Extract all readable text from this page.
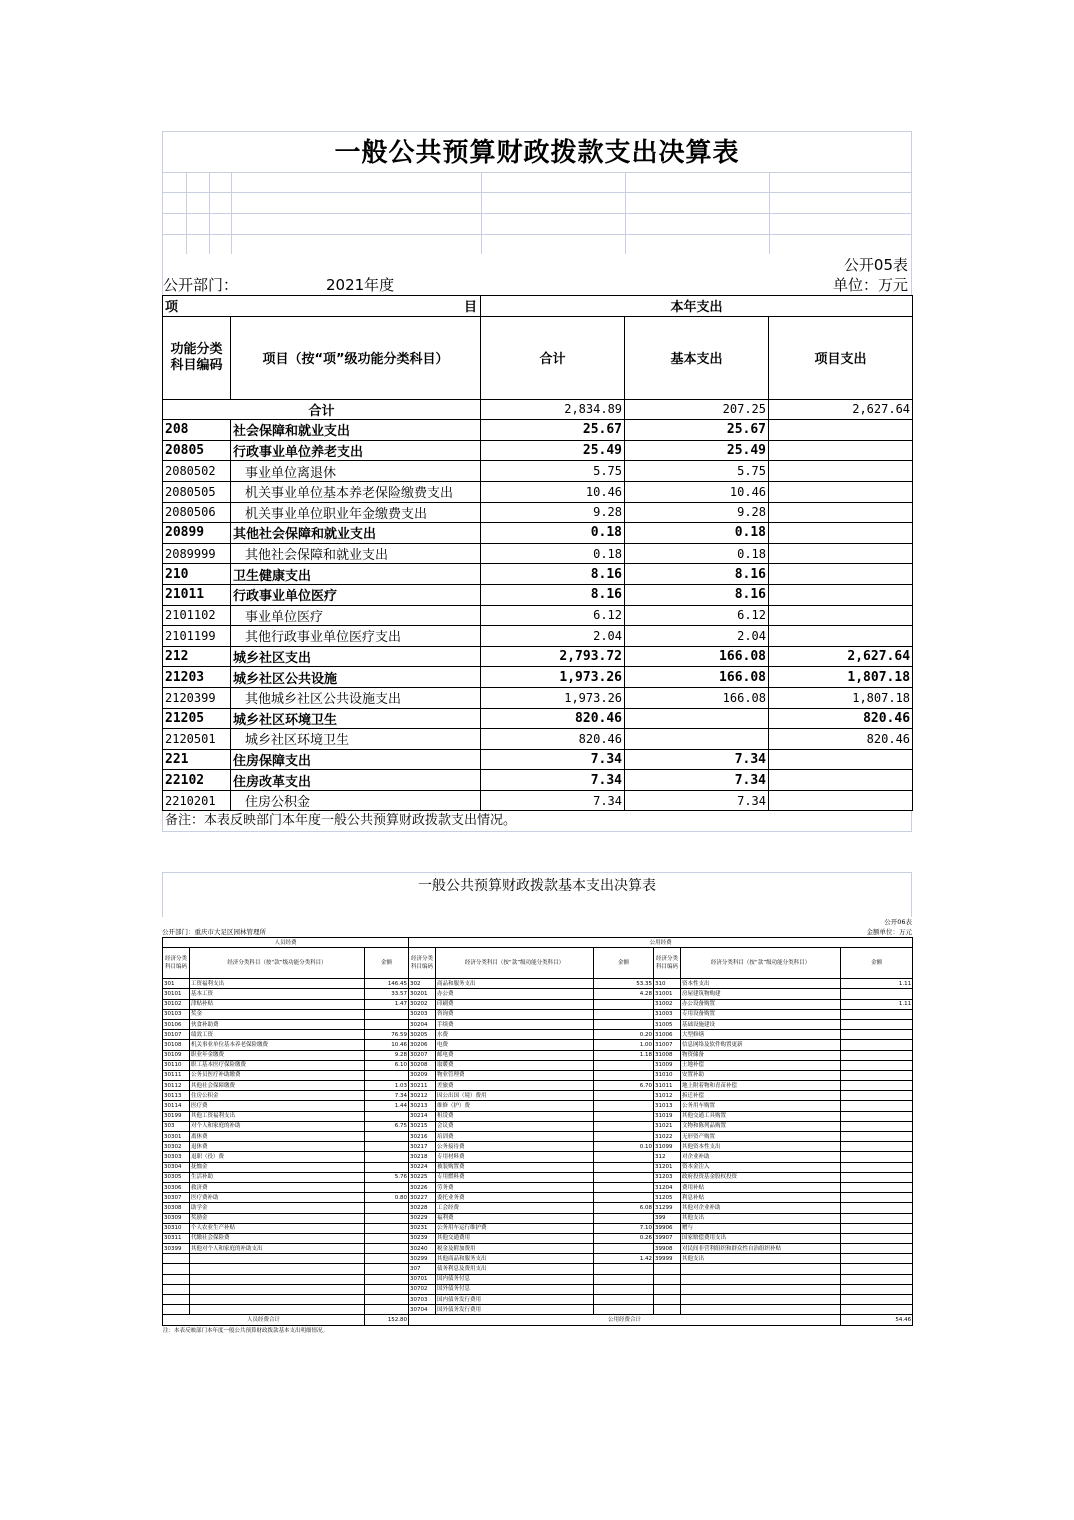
一般公共预算财政拨款支出决算表
公开05表
公开部门：	2021年度	单位：万元
项 目		本年支出		
功能分类科目编码	项目（按“项”级功能分类科目）	合计	基本支出	项目支出
合计		2,834.89	207.25	2,627.64
208	社会保障和就业支出	25.67	25.67	
20805	行政事业单位养老支出	25.49	25.49	
2080502	事业单位离退休	5.75	5.75	
2080505	机关事业单位基本养老保险缴费支出	10.46	10.46	
2080506	机关事业单位职业年金缴费支出	9.28	9.28	
20899	其他社会保障和就业支出	0.18	0.18	
2089999	其他社会保障和就业支出	0.18	0.18	
210	卫生健康支出	8.16	8.16	
21011	行政事业单位医疗	8.16	8.16	
2101102	事业单位医疗	6.12	6.12	
2101199	其他行政事业单位医疗支出	2.04	2.04	
212	城乡社区支出	2,793.72	166.08	2,627.64
21203	城乡社区公共设施	1,973.26	166.08	1,807.18
2120399	其他城乡社区公共设施支出	1,973.26	166.08	1,807.18
21205	城乡社区环境卫生	820.46		820.46
2120501	城乡社区环境卫生	820.46		820.46
221	住房保障支出	7.34	7.34	
22102	住房改革支出	7.34	7.34	
2210201	住房公积金	7.34	7.34	
备注：本表反映部门本年度一般公共预算财政拨款支出情况。
一般公共预算财政拨款基本支出决算表
公开06表
公开部门：重庆市大足区园林管理所	金额单位：万元
人员经费			公用经费					
经济分类科目编码	经济分类科目（按“款”级功能分类科目）	金额	经济分类科目编码	经济分类科目（按“款”级功能分类科目）	金额	经济分类科目编码	经济分类科目（按“款”级功能分类科目）	金额
301	工资福利支出	146.45	302	商品和服务支出	53.35	310	资本性支出	1.11
30101	基本工资	33.57	30201	办公费	4.28	31001	房屋建筑物购建	
30102	津贴补贴	1.47	30202	印刷费		31002	办公设备购置	1.11
30103	奖金		30203	咨询费		31003	专用设备购置	
30106	伙食补助费		30204	手续费		31005	基础设施建设	
30107	绩效工资	76.59	30205	水费	0.20	31006	大型修缮	
30108	机关事业单位基本养老保险缴费	10.46	30206	电费	1.00	31007	信息网络及软件购置更新	
30109	职业年金缴费	9.28	30207	邮电费	1.18	31008	物资储备	
30110	职工基本医疗保险缴费	6.10	30208	取暖费		31009	土地补偿	
30111	公务员医疗补助缴费		30209	物业管理费		31010	安置补助	
30112	其他社会保障缴费	1.03	30211	差旅费	6.70	31011	地上附着物和青苗补偿	
30113	住房公积金	7.34	30212	因公出国（境）费用		31012	拆迁补偿	
30114	医疗费	1.44	30213	维修（护）费		31013	公务用车购置	
30199	其他工资福利支出		30214	租赁费		31019	其他交通工具购置	
303	对个人和家庭的补助	6.75	30215	会议费		31021	文物和陈列品购置	
30301	离休费		30216	培训费		31022	无形资产购置	
30302	退休费		30217	公务接待费	0.10	31099	其他资本性支出	
30303	退职（役）费		30218	专用材料费		312	对企业补助	
30304	抚恤金		30224	被装购置费		31201	资本金注入	
30305	生活补助	5.76	30225	专用燃料费		31203	政府投资基金股权投资	
30306	救济费		30226	劳务费		31204	费用补贴	
30307	医疗费补助	0.80	30227	委托业务费		31205	利息补贴	
30308	助学金		30228	工会经费	6.08	31299	其他对企业补助	
30309	奖励金		30229	福利费		399	其他支出	
30310	个人农业生产补贴		30231	公务用车运行维护费	7.10	39906	赠与	
30311	代缴社会保险费		30239	其他交通费用	0.26	39907	国家赔偿费用支出	
30399	其他对个人和家庭的补助支出		30240	税金及附加费用		39908	对民间非营利组织和群众性自治组织补贴	
			30299	其他商品和服务支出	1.42	39999	其他支出	
			307	债务利息及费用支出				
			30701	国内债务付息				
			30702	国外债务付息				
			30703	国内债务发行费用				
			30704	国外债务发行费用				
人员经费合计		152.80	公用经费合计					54.46
注：本表反映部门本年度一般公共预算财政拨款基本支出明细情况。
